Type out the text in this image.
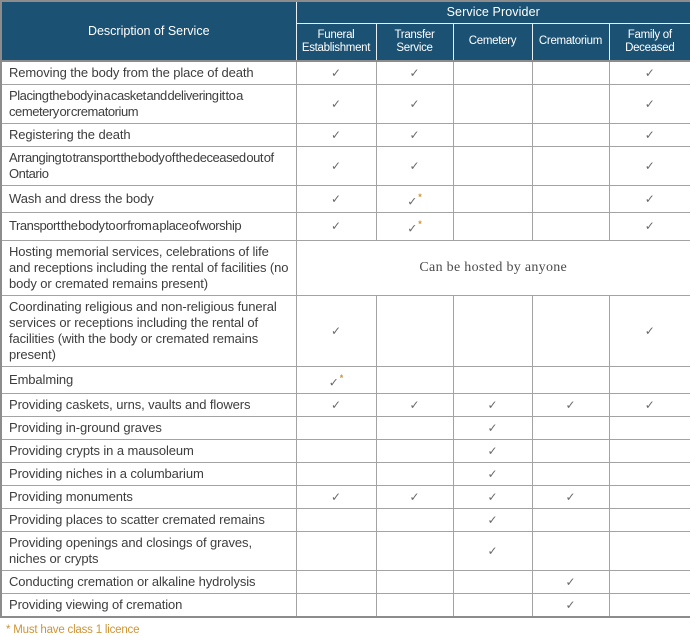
Description of Service	Service Provider				
	Funeral Establishment	Transfer Service	Cemetery	Crematorium	Family of Deceased
Removing the body from the place of death	✓	✓			✓
Placing the body in a casket and delivering it to a cemetery or crematorium	✓	✓			✓
Registering the death	✓	✓			✓
Arranging to transport the body of the deceased out of Ontario	✓	✓			✓
Wash and dress the body	✓	✓*			✓
Transport the body to or from a place of worship	✓	✓*			✓
Hosting memorial services, celebrations of life and receptions including the rental of facilities (no body or cremated remains present)	Can be hosted by anyone				
Coordinating religious and non-religious funeral services or receptions including the rental of facilities (with the body or cremated remains present)	✓				✓
Embalming	✓*				
Providing caskets, urns, vaults and flowers	✓	✓	✓	✓	✓
Providing in-ground graves			✓		
Providing crypts in a mausoleum			✓		
Providing niches in a columbarium			✓		
Providing monuments	✓	✓	✓	✓	
Providing places to scatter cremated remains			✓		
Providing openings and closings of graves, niches or crypts			✓		
Conducting cremation or alkaline hydrolysis				✓	
Providing viewing of cremation				✓	
* Must have class 1 licence
